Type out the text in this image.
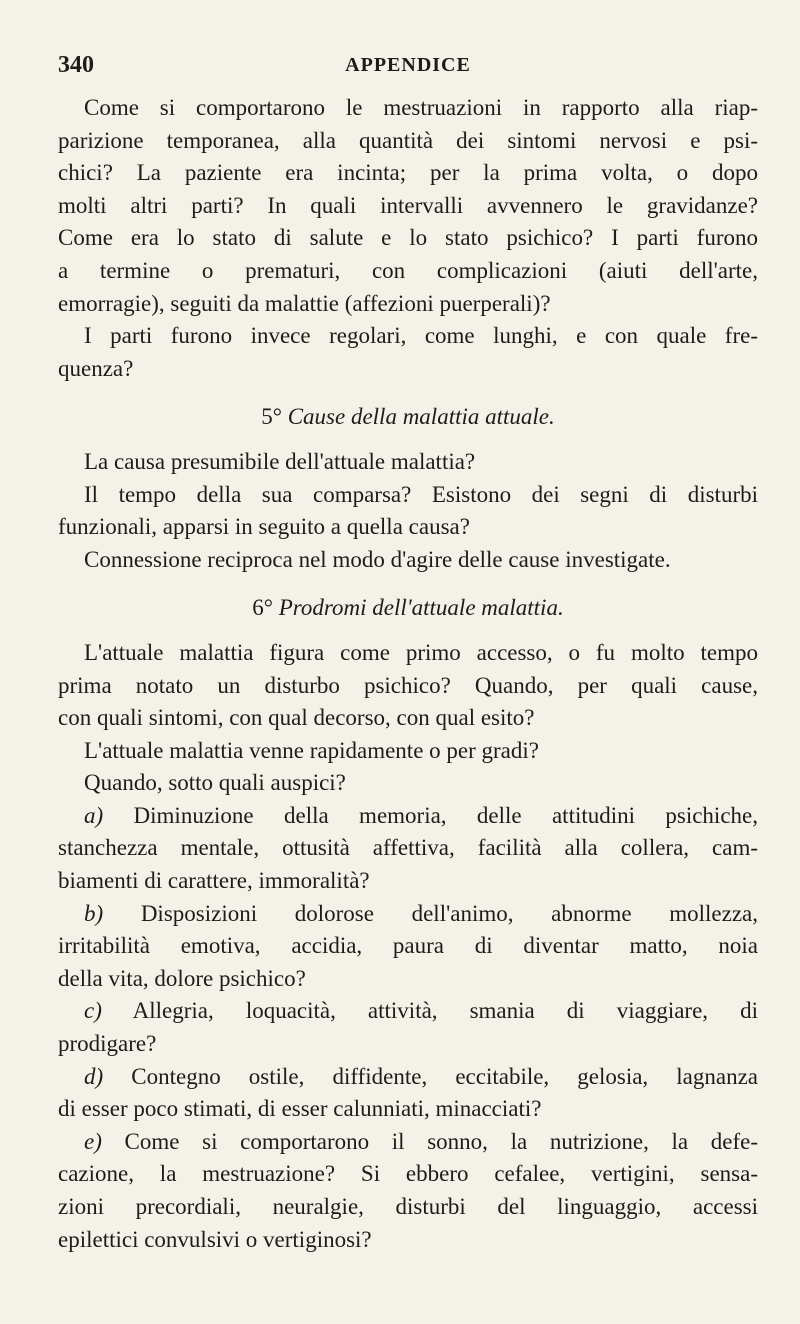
340	APPENDICE
Come si comportarono le mestruazioni in rapporto alla riap-
parizione temporanea, alla quantità dei sintomi nervosi e psi-
chici? La paziente era incinta; per la prima volta, o dopo
molti altri parti? In quali intervalli avvennero le gravidanze?
Come era lo stato di salute e lo stato psichico? I parti furono
a termine o prematuri, con complicazioni (aiuti dell'arte,
emorragie), seguiti da malattie (affezioni puerperali)?
I parti furono invece regolari, come lunghi, e con quale fre-
quenza?
5° Cause della malattia attuale.
La causa presumibile dell'attuale malattia?
Il tempo della sua comparsa? Esistono dei segni di disturbi
funzionali, apparsi in seguito a quella causa?
Connessione reciproca nel modo d'agire delle cause investigate.
6° Prodromi dell'attuale malattia.
L'attuale malattia figura come primo accesso, o fu molto tempo
prima notato un disturbo psichico? Quando, per quali cause,
con quali sintomi, con qual decorso, con qual esito?
L'attuale malattia venne rapidamente o per gradi?
Quando, sotto quali auspici?
a) Diminuzione della memoria, delle attitudini psichiche,
stanchezza mentale, ottusità affettiva, facilità alla collera, cam-
biamenti di carattere, immoralità?
b) Disposizioni dolorose dell'animo, abnorme mollezza,
irritabilità emotiva, accidia, paura di diventar matto, noia
della vita, dolore psichico?
c) Allegria, loquacità, attività, smania di viaggiare, di
prodigare?
d) Contegno ostile, diffidente, eccitabile, gelosia, lagnanza
di esser poco stimati, di esser calunniati, minacciati?
e) Come si comportarono il sonno, la nutrizione, la defe-
cazione, la mestruazione? Si ebbero cefalee, vertigini, sensa-
zioni precordiali, neuralgie, disturbi del linguaggio, accessi
epilettici convulsivi o vertiginosi?
